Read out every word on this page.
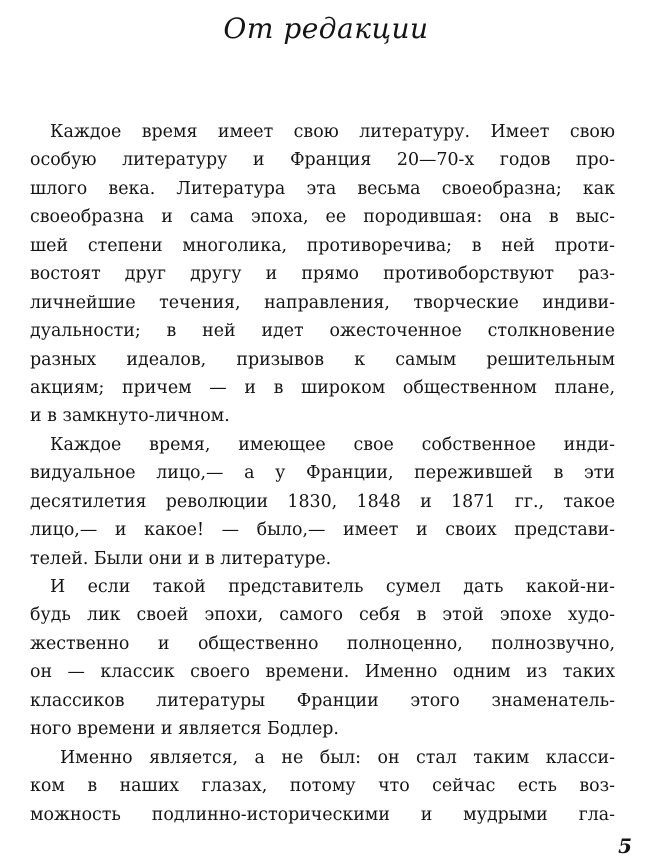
От редакции
Каждое время имеет свою литературу. Имеет свою
особую литературу и Франция 20—70-х годов про-
шлого века. Литература эта весьма своеобразна; как
своеобразна и сама эпоха, ее породившая: она в выс-
шей степени многолика, противоречива; в ней проти-
востоят друг другу и прямо противоборствуют раз-
личнейшие течения, направления, творческие индиви-
дуальности; в ней идет ожесточенное столкновение
разных идеалов, призывов к самым решительным
акциям; причем — и в широком общественном плане,
и в замкнуто-личном.
Каждое время, имеющее свое собственное инди-
видуальное лицо,— а у Франции, пережившей в эти
десятилетия революции 1830, 1848 и 1871 гг., такое
лицо,— и какое! — было,— имеет и своих представи-
телей. Были они и в литературе.
И если такой представитель сумел дать какой-ни-
будь лик своей эпохи, самого себя в этой эпохе худо-
жественно и общественно полноценно, полнозвучно,
он — классик своего времени. Именно одним из таких
классиков литературы Франции этого знаменатель-
ного времени и является Бодлер.
Именно является, а не был: он стал таким класси-
ком в наших глазах, потому что сейчас есть воз-
можность подлинно-историческими и мудрыми гла-
5
